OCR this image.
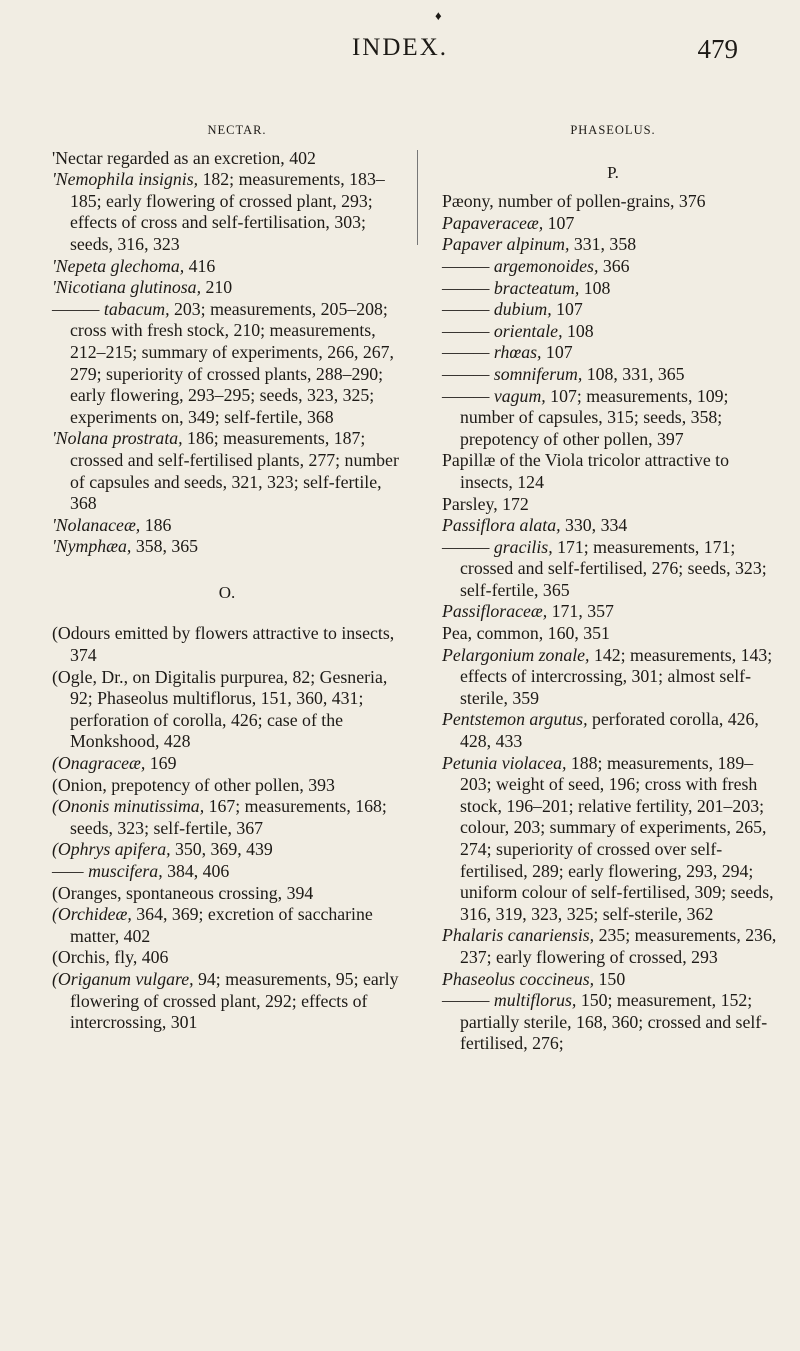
♦
INDEX.	479
NECTAR.

'Nectar regarded as an excretion, 402

'Nemophila insignis, 182; measurements, 183–185; early flowering of crossed plant, 293; effects of cross and self-fertilisation, 303; seeds, 316, 323

'Nepeta glechoma, 416

'Nicotiana glutinosa, 210

——— tabacum, 203; measurements, 205–208; cross with fresh stock, 210; measurements, 212–215; summary of experiments, 266, 267, 279; superiority of crossed plants, 288–290; early flowering, 293–295; seeds, 323, 325; experiments on, 349; self-fertile, 368

'Nolana prostrata, 186; measurements, 187; crossed and self-fertilised plants, 277; number of capsules and seeds, 321, 323; self-fertile, 368

'Nolanaceæ, 186

'Nymphæa, 358, 365

O.

(Odours emitted by flowers attractive to insects, 374

(Ogle, Dr., on Digitalis purpurea, 82; Gesneria, 92; Phaseolus multiflorus, 151, 360, 431; perforation of corolla, 426; case of the Monkshood, 428

(Onagraceæ, 169

(Onion, prepotency of other pollen, 393

(Ononis minutissima, 167; measurements, 168; seeds, 323; self-fertile, 367

(Ophrys apifera, 350, 369, 439

—— muscifera, 384, 406

(Oranges, spontaneous crossing, 394

(Orchideæ, 364, 369; excretion of saccharine matter, 402

(Orchis, fly, 406

(Origanum vulgare, 94; measurements, 95; early flowering of crossed plant, 292; effects of intercrossing, 301

PHASEOLUS.
P.

Pæony, number of pollen-grains, 376

Papaveraceæ, 107

Papaver alpinum, 331, 358

——— argemonoides, 366

——— bracteatum, 108

——— dubium, 107

——— orientale, 108

——— rhœas, 107

——— somniferum, 108, 331, 365

——— vagum, 107; measurements, 109; number of capsules, 315; seeds, 358; prepotency of other pollen, 397

Papillæ of the Viola tricolor attractive to insects, 124

Parsley, 172

Passiflora alata, 330, 334

——— gracilis, 171; measurements, 171; crossed and self-fertilised, 276; seeds, 323; self-fertile, 365

Passifloraceæ, 171, 357

Pea, common, 160, 351

Pelargonium zonale, 142; measurements, 143; effects of intercrossing, 301; almost self-sterile, 359

Pentstemon argutus, perforated corolla, 426, 428, 433

Petunia violacea, 188; measurements, 189–203; weight of seed, 196; cross with fresh stock, 196–201; relative fertility, 201–203; colour, 203; summary of experiments, 265, 274; superiority of crossed over self-fertilised, 289; early flowering, 293, 294; uniform colour of self-fertilised, 309; seeds, 316, 319, 323, 325; self-sterile, 362

Phalaris canariensis, 235; measurements, 236, 237; early flowering of crossed, 293

Phaseolus coccineus, 150

——— multiflorus, 150; measurement, 152; partially sterile, 168, 360; crossed and self-fertilised, 276;
